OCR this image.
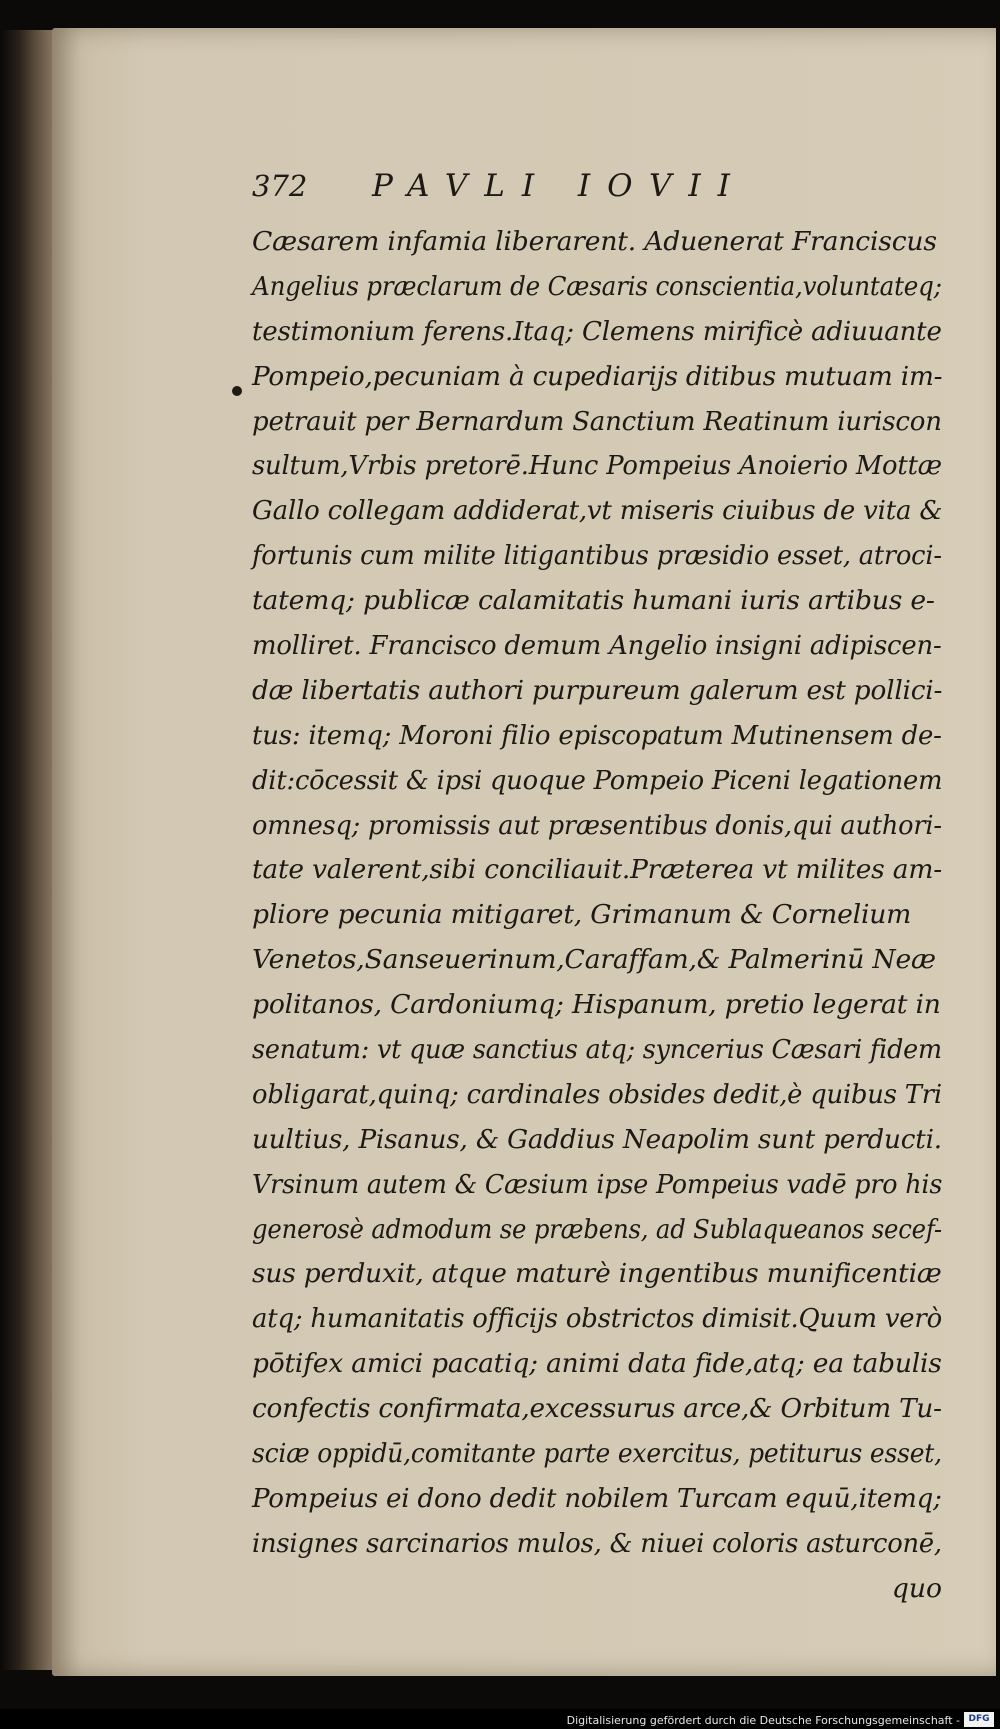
372	PAVLI IOVII
Cæsarem infamia liberarent. Aduenerat Franciscus
Angelius præclarum de Cæsaris conscientia,voluntateq;
testimonium ferens.Itaq; Clemens mirificè adiuuante
Pompeio,pecuniam à cupediarijs ditibus mutuam im-
petrauit per Bernardum Sanctium Reatinum iuriscon
sultum,Vrbis pretorē.Hunc Pompeius Anoierio Mottæ
Gallo collegam addiderat,vt miseris ciuibus de vita &
fortunis cum milite litigantibus præsidio esset, atroci-
tatemq; publicæ calamitatis humani iuris artibus e-
molliret. Francisco demum Angelio insigni adipiscen-
dæ libertatis authori purpureum galerum est pollici-
tus: itemq; Moroni filio episcopatum Mutinensem de-
dit:cōcessit & ipsi quoque Pompeio Piceni legationem
omnesq; promissis aut præsentibus donis,qui authori-
tate valerent,sibi conciliauit.Præterea vt milites am-
pliore pecunia mitigaret, Grimanum & Cornelium
Venetos,Sanseuerinum,Caraffam,& Palmerinū Neæ
politanos, Cardoniumq; Hispanum, pretio legerat in
senatum: vt quæ sanctius atq; syncerius Cæsari fidem
obligarat,quinq; cardinales obsides dedit,è quibus Tri
uultius, Pisanus, & Gaddius Neapolim sunt perducti.
Vrsinum autem & Cæsium ipse Pompeius vadē pro his
generosè admodum se præbens, ad Sublaqueanos secef-
sus perduxit, atque maturè ingentibus munificentiæ
atq; humanitatis officijs obstrictos dimisit.Quum verò
pōtifex amici pacatiq; animi data fide,atq; ea tabulis
confectis confirmata,excessurus arce,& Orbitum Tu-
sciæ oppidū,comitante parte exercitus, petiturus esset,
Pompeius ei dono dedit nobilem Turcam equū,itemq;
insignes sarcinarios mulos, & niuei coloris asturconē,
quo
Digitalisierung gefördert durch die Deutsche Forschungsgemeinschaft - DFG
